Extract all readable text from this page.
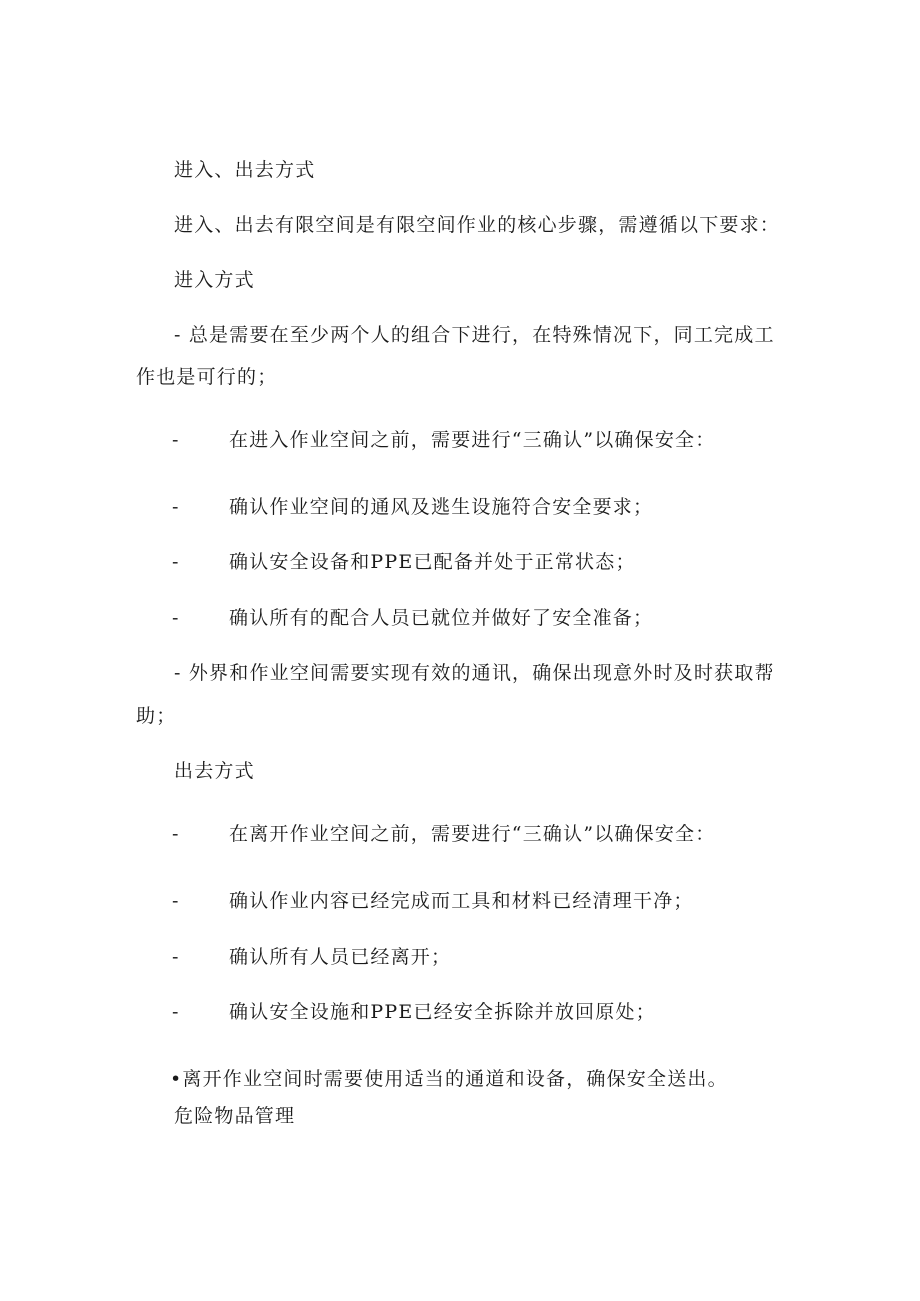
进入、出去方式
进入、出去有限空间是有限空间作业的核心步骤，需遵循以下要求：
进入方式
- 总是需要在至少两个人的组合下进行，在特殊情况下，同工完成工
作也是可行的；
-	在进入作业空间之前，需要进行“三确认”以确保安全：
-	确认作业空间的通风及逃生设施符合安全要求；
-	确认安全设备和PPE已配备并处于正常状态；
-	确认所有的配合人员已就位并做好了安全准备；
- 外界和作业空间需要实现有效的通讯，确保出现意外时及时获取帮
助；
出去方式
-	在离开作业空间之前，需要进行“三确认”以确保安全：
-	确认作业内容已经完成而工具和材料已经清理干净；
-	确认所有人员已经离开；
-	确认安全设施和PPE已经安全拆除并放回原处；
•离开作业空间时需要使用适当的通道和设备，确保安全送出。
危险物品管理
